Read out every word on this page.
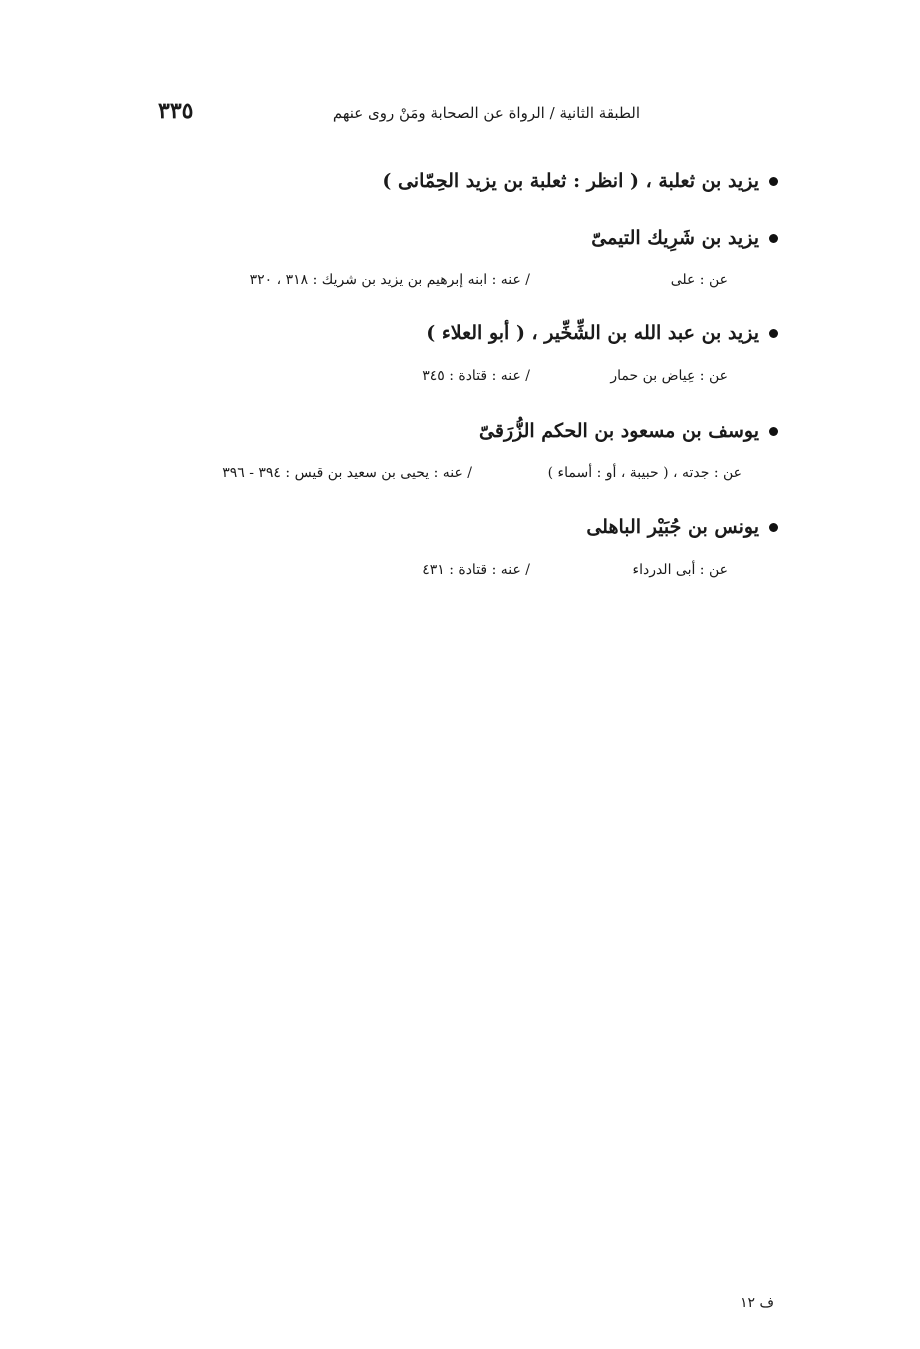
٣٣٥	الطبقة الثانية / الرواة عن الصحابة ومَنْ روى عنهم
يزيد بن ثعلبة ، ( انظر : ثعلبة بن يزيد الحِمّانى )
يزيد بن شَرِيك التيمىّ
عن : على
/ عنه : ابنه إبرهيم بن يزيد بن شريك : ٣١٨ ، ٣٢٠
يزيد بن عبد الله بن الشِّخِّير ، ( أبو العلاء )
عن : عِياض بن حمار
/ عنه : قتادة : ٣٤٥
يوسف بن مسعود بن الحكم الزُّرَقىّ
عن : جدته ، ( حبيبة ، أو : أسماء )
/ عنه : يحيى بن سعيد بن قيس : ٣٩٤ - ٣٩٦
يونس بن جُبَيْر الباهلى
عن : أبى الدرداء
/ عنه : قتادة : ٤٣١
ف ١٢
